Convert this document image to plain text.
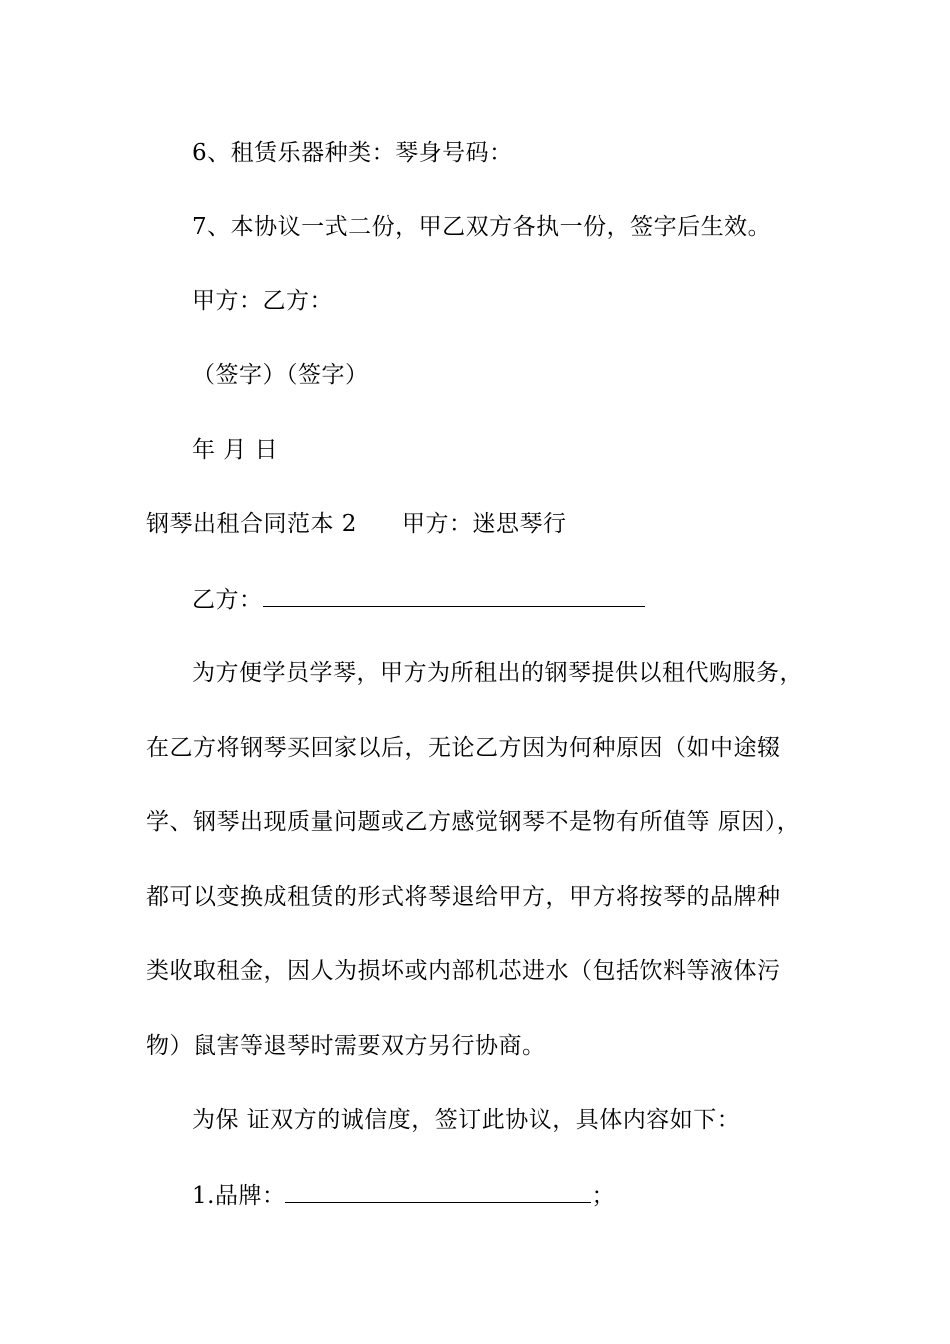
6、租赁乐器种类：琴身号码：
7、本协议一式二份，甲乙双方各执一份，签字后生效。
甲方：乙方：
（签字）（签字）
年 月 日
钢琴出租合同范本 2 甲方：迷思琴行
乙方：
为方便学员学琴，甲方为所租出的钢琴提供以租代购服务，
在乙方将钢琴买回家以后，无论乙方因为何种原因（如中途辍
学、钢琴出现质量问题或乙方感觉钢琴不是物有所值等 原因），
都可以变换成租赁的形式将琴退给甲方，甲方将按琴的品牌种
类收取租金，因人为损坏或内部机芯进水（包括饮料等液体污
物）鼠害等退琴时需要双方另行协商。
为保 证双方的诚信度，签订此协议，具体内容如下：
1.品牌：	；
